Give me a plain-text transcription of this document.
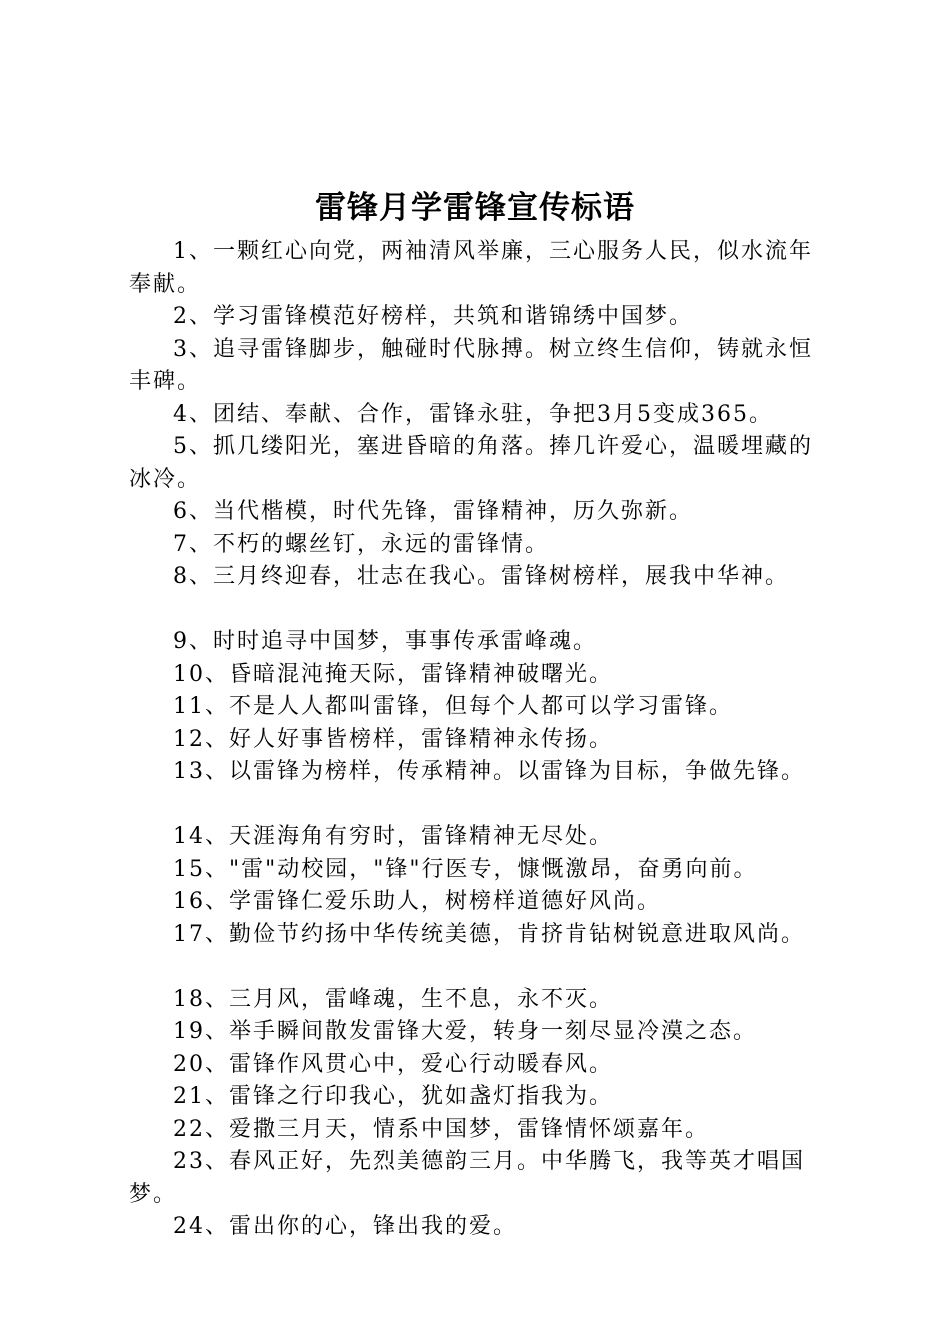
雷锋月学雷锋宣传标语

1、一颗红心向党，两袖清风举廉，三心服务人民，似水流年奉献。

2、学习雷锋模范好榜样，共筑和谐锦绣中国梦。

3、追寻雷锋脚步，触碰时代脉搏。树立终生信仰，铸就永恒丰碑。

4、团结、奉献、合作，雷锋永驻，争把3月5变成365。

5、抓几缕阳光，塞进昏暗的角落。捧几许爱心，温暖埋藏的冰冷。

6、当代楷模，时代先锋，雷锋精神，历久弥新。

7、不朽的螺丝钉，永远的雷锋情。

8、三月终迎春，壮志在我心。雷锋树榜样，展我中华神。

9、时时追寻中国梦，事事传承雷峰魂。

10、昏暗混沌掩天际，雷锋精神破曙光。

11、不是人人都叫雷锋，但每个人都可以学习雷锋。

12、好人好事皆榜样，雷锋精神永传扬。

13、以雷锋为榜样，传承精神。以雷锋为目标，争做先锋。

14、天涯海角有穷时，雷锋精神无尽处。

15、"雷"动校园，"锋"行医专，慷慨激昂，奋勇向前。

16、学雷锋仁爱乐助人，树榜样道德好风尚。

17、勤俭节约扬中华传统美德，肯挤肯钻树锐意进取风尚。

18、三月风，雷峰魂，生不息，永不灭。

19、举手瞬间散发雷锋大爱，转身一刻尽显冷漠之态。

20、雷锋作风贯心中，爱心行动暖春风。

21、雷锋之行印我心，犹如盏灯指我为。

22、爱撒三月天，情系中国梦，雷锋情怀颂嘉年。

23、春风正好，先烈美德韵三月。中华腾飞，我等英才唱国梦。

24、雷出你的心，锋出我的爱。
